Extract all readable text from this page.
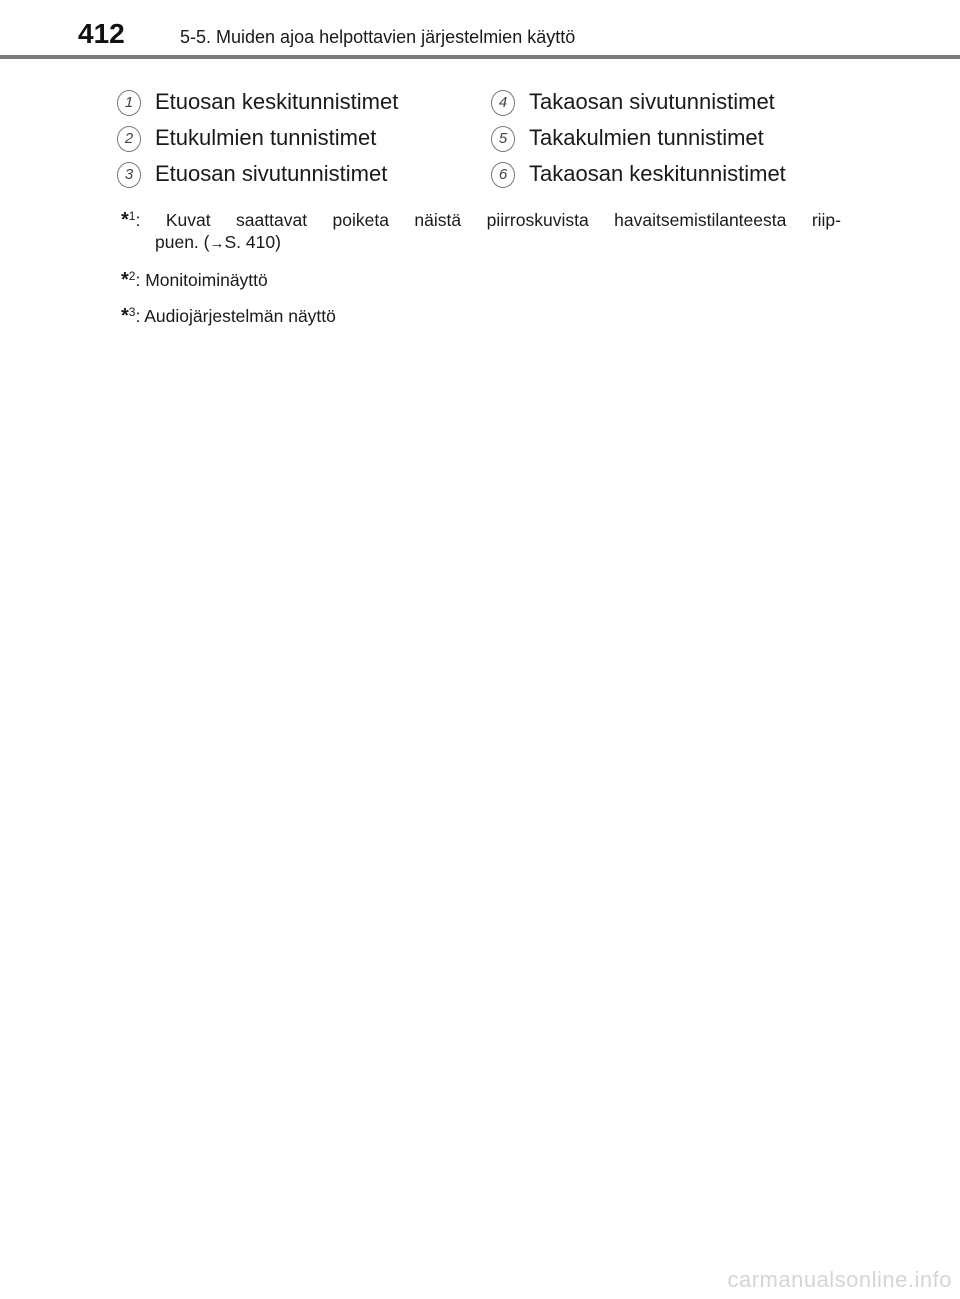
412	5-5. Muiden ajoa helpottavien järjestelmien käyttö
1 Etuosan keskitunnistimet
2 Etukulmien tunnistimet
3 Etuosan sivutunnistimet
4 Takaosan sivutunnistimet
5 Takakulmien tunnistimet
6 Takaosan keskitunnistimet
*$^1$: Kuvat saattavat poiketa näistä piirroskuvista havaitsemistilanteesta riip-
puen. (→S. 410)
*$^2$: Monitoiminäyttö
*$^3$: Audiojärjestelmän näyttö
carmanualsonline.info
